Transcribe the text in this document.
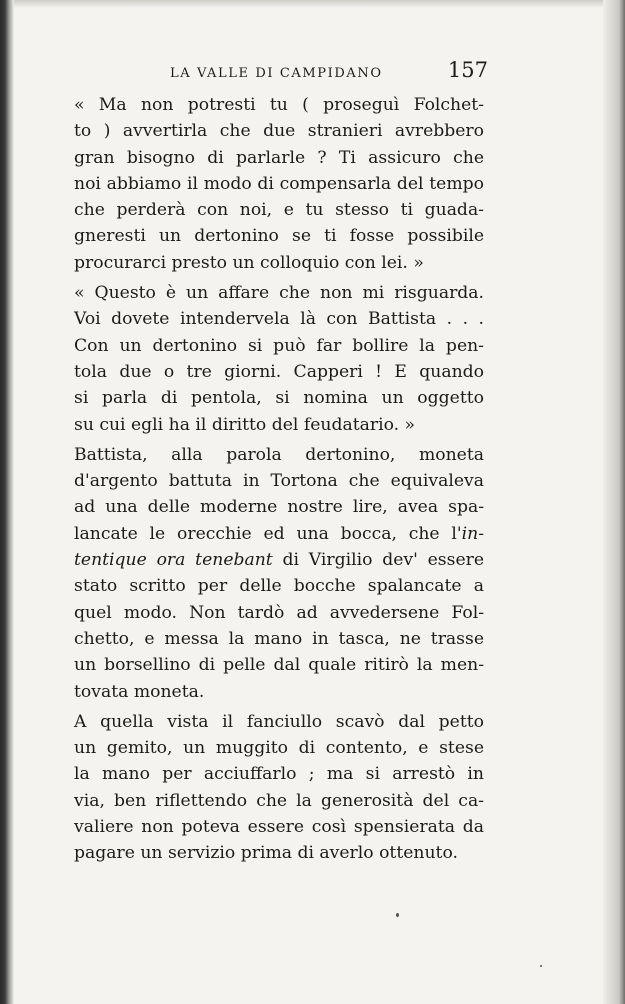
LA VALLE DI CAMPIDANO	157
« Ma non potresti tu ( proseguì Folchet-
to ) avvertirla che due stranieri avrebbero
gran bisogno di parlarle ? Ti assicuro che
noi abbiamo il modo di compensarla del tempo
che perderà con noi, e tu stesso ti guada-
gneresti un dertonino se ti fosse possibile
procurarci presto un colloquio con lei. »
« Questo è un affare che non mi risguarda.
Voi dovete intendervela là con Battista . . .
Con un dertonino si può far bollire la pen-
tola due o tre giorni. Capperi ! E quando
si parla di pentola, si nomina un oggetto
su cui egli ha il diritto del feudatario. »
Battista, alla parola dertonino, moneta
d'argento battuta in Tortona che equivaleva
ad una delle moderne nostre lire, avea spa-
lancate le orecchie ed una bocca, che l'in-
tentique ora tenebant di Virgilio dev' essere
stato scritto per delle bocche spalancate a
quel modo. Non tardò ad avvedersene Fol-
chetto, e messa la mano in tasca, ne trasse
un borsellino di pelle dal quale ritirò la men-
tovata moneta.
A quella vista il fanciullo scavò dal petto
un gemito, un muggito di contento, e stese
la mano per acciuffarlo ; ma si arrestò in
via, ben riflettendo che la generosità del ca-
valiere non poteva essere così spensierata da
pagare un servizio prima di averlo ottenuto.
